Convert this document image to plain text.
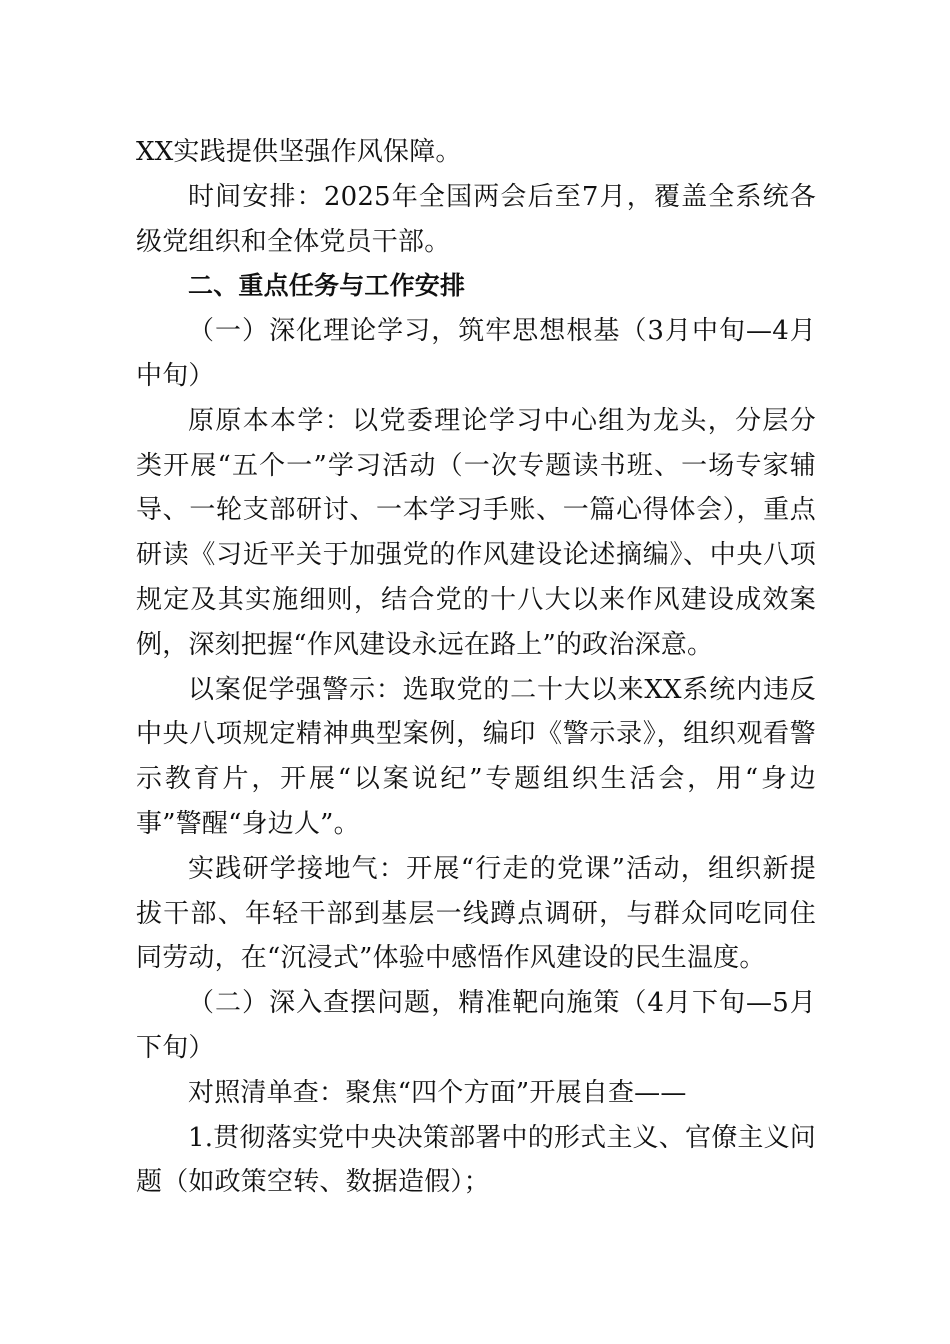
XX实践提供坚强作风保障。

时间安排：2025年全国两会后至7月，覆盖全系统各级党组织和全体党员干部。

二、重点任务与工作安排

（一）深化理论学习，筑牢思想根基（3月中旬—4月中旬）

原原本本学：以党委理论学习中心组为龙头，分层分类开展“五个一”学习活动（一次专题读书班、一场专家辅导、一轮支部研讨、一本学习手账、一篇心得体会），重点研读《习近平关于加强党的作风建设论述摘编》、中央八项规定及其实施细则，结合党的十八大以来作风建设成效案例，深刻把握“作风建设永远在路上”的政治深意。

以案促学强警示：选取党的二十大以来XX系统内违反中央八项规定精神典型案例，编印《警示录》，组织观看警示教育片，开展“以案说纪”专题组织生活会，用“身边事”警醒“身边人”。

实践研学接地气：开展“行走的党课”活动，组织新提拔干部、年轻干部到基层一线蹲点调研，与群众同吃同住同劳动，在“沉浸式”体验中感悟作风建设的民生温度。

（二）深入查摆问题，精准靶向施策（4月下旬—5月下旬）

对照清单查：聚焦“四个方面”开展自查——

1.贯彻落实党中央决策部署中的形式主义、官僚主义问题（如政策空转、数据造假）；
